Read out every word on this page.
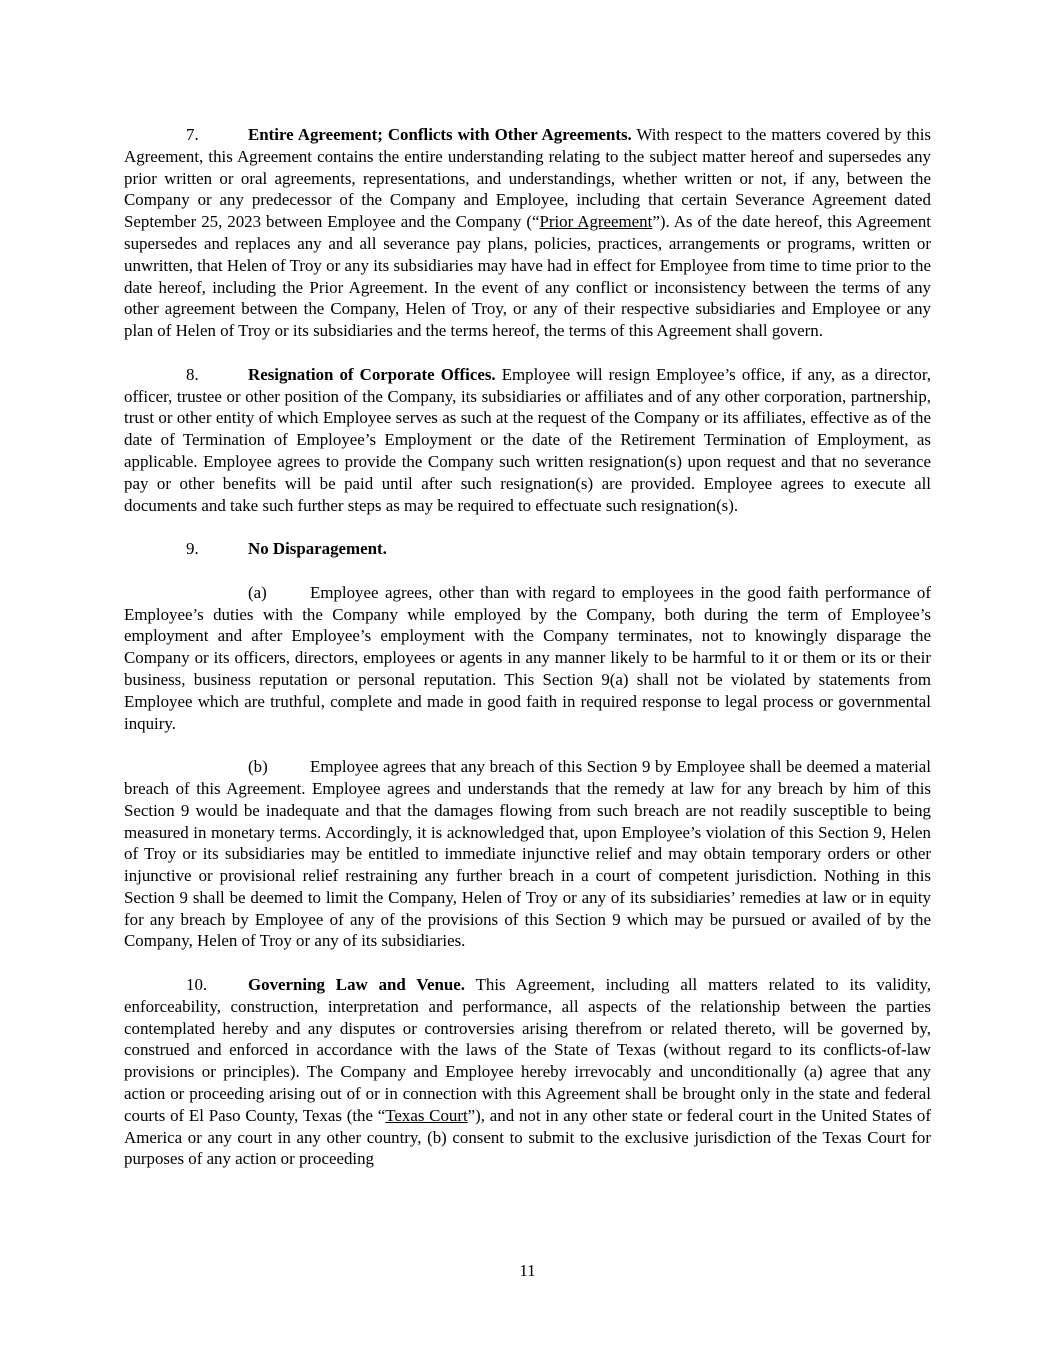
7.	Entire Agreement; Conflicts with Other Agreements. With respect to the matters covered by this Agreement, this Agreement contains the entire understanding relating to the subject matter hereof and supersedes any prior written or oral agreements, representations, and understandings, whether written or not, if any, between the Company or any predecessor of the Company and Employee, including that certain Severance Agreement dated September 25, 2023 between Employee and the Company (“Prior Agreement”). As of the date hereof, this Agreement supersedes and replaces any and all severance pay plans, policies, practices, arrangements or programs, written or unwritten, that Helen of Troy or any its subsidiaries may have had in effect for Employee from time to time prior to the date hereof, including the Prior Agreement. In the event of any conflict or inconsistency between the terms of any other agreement between the Company, Helen of Troy, or any of their respective subsidiaries and Employee or any plan of Helen of Troy or its subsidiaries and the terms hereof, the terms of this Agreement shall govern.

8.	Resignation of Corporate Offices. Employee will resign Employee’s office, if any, as a director, officer, trustee or other position of the Company, its subsidiaries or affiliates and of any other corporation, partnership, trust or other entity of which Employee serves as such at the request of the Company or its affiliates, effective as of the date of Termination of Employee’s Employment or the date of the Retirement Termination of Employment, as applicable. Employee agrees to provide the Company such written resignation(s) upon request and that no severance pay or other benefits will be paid until after such resignation(s) are provided. Employee agrees to execute all documents and take such further steps as may be required to effectuate such resignation(s).

9.	No Disparagement.

(a)	Employee agrees, other than with regard to employees in the good faith performance of Employee’s duties with the Company while employed by the Company, both during the term of Employee’s employment and after Employee’s employment with the Company terminates, not to knowingly disparage the Company or its officers, directors, employees or agents in any manner likely to be harmful to it or them or its or their business, business reputation or personal reputation. This Section 9(a) shall not be violated by statements from Employee which are truthful, complete and made in good faith in required response to legal process or governmental inquiry.

(b)	Employee agrees that any breach of this Section 9 by Employee shall be deemed a material breach of this Agreement. Employee agrees and understands that the remedy at law for any breach by him of this Section 9 would be inadequate and that the damages flowing from such breach are not readily susceptible to being measured in monetary terms. Accordingly, it is acknowledged that, upon Employee’s violation of this Section 9, Helen of Troy or its subsidiaries may be entitled to immediate injunctive relief and may obtain temporary orders or other injunctive or provisional relief restraining any further breach in a court of competent jurisdiction. Nothing in this Section 9 shall be deemed to limit the Company, Helen of Troy or any of its subsidiaries’ remedies at law or in equity for any breach by Employee of any of the provisions of this Section 9 which may be pursued or availed of by the Company, Helen of Troy or any of its subsidiaries.

10. Governing Law and Venue. This Agreement, including all matters related to its validity, enforceability, construction, interpretation and performance, all aspects of the relationship between the parties contemplated hereby and any disputes or controversies arising therefrom or related thereto, will be governed by, construed and enforced in accordance with the laws of the State of Texas (without regard to its conflicts-of-law provisions or principles). The Company and Employee hereby irrevocably and unconditionally (a) agree that any action or proceeding arising out of or in connection with this Agreement shall be brought only in the state and federal courts of El Paso County, Texas (the “Texas Court”), and not in any other state or federal court in the United States of America or any court in any other country, (b) consent to submit to the exclusive jurisdiction of the Texas Court for purposes of any action or proceeding

11
